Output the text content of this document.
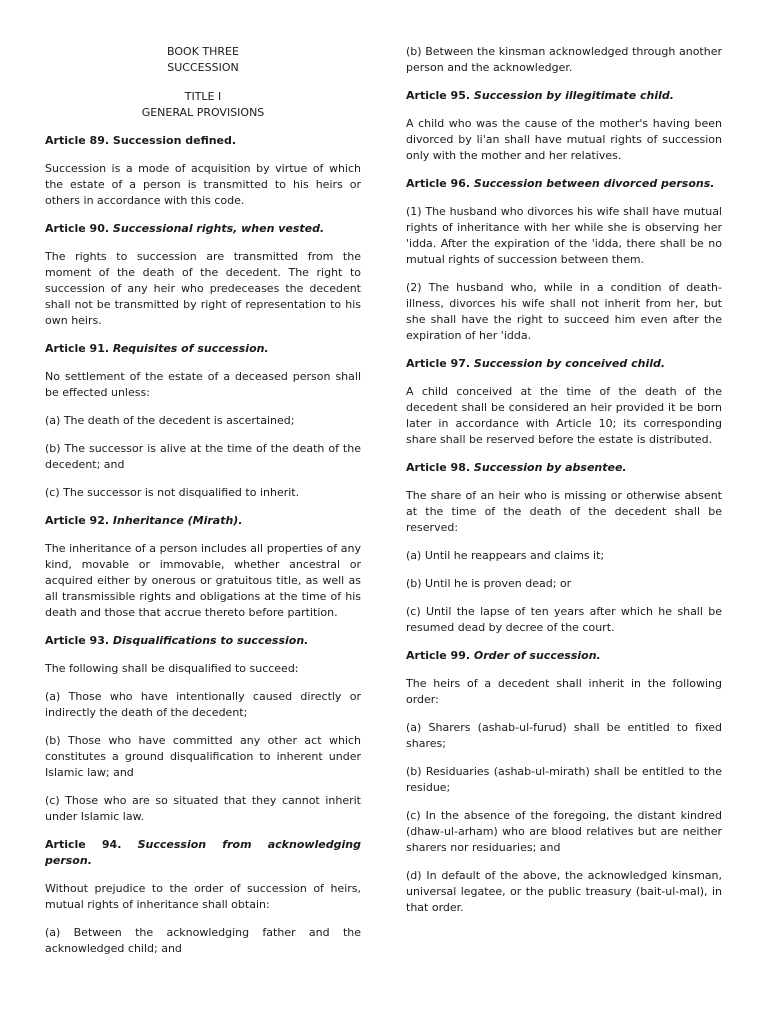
BOOK THREE
SUCCESSION
TITLE I
GENERAL PROVISIONS
Article 89. Succession defined.

Succession is a mode of acquisition by virtue of which the estate of a person is transmitted to his heirs or others in accordance with this code.

Article 90. Successional rights, when vested.

The rights to succession are transmitted from the moment of the death of the decedent. The right to succession of any heir who predeceases the decedent shall not be transmitted by right of representation to his own heirs.

Article 91. Requisites of succession.

No settlement of the estate of a deceased person shall be effected unless:

(a) The death of the decedent is ascertained;

(b) The successor is alive at the time of the death of the decedent; and

(c) The successor is not disqualified to inherit.

Article 92. Inheritance (Mirath).

The inheritance of a person includes all properties of any kind, movable or immovable, whether ancestral or acquired either by onerous or gratuitous title, as well as all transmissible rights and obligations at the time of his death and those that accrue thereto before partition.

Article 93. Disqualifications to succession.

The following shall be disqualified to succeed:

(a) Those who have intentionally caused directly or indirectly the death of the decedent;

(b) Those who have committed any other act which constitutes a ground disqualification to inherent under Islamic law; and

(c) Those who are so situated that they cannot inherit under Islamic law.

Article 94. Succession from acknowledging person.

Without prejudice to the order of succession of heirs, mutual rights of inheritance shall obtain:

(a) Between the acknowledging father and the acknowledged child; and

(b) Between the kinsman acknowledged through another person and the acknowledger.

Article 95. Succession by illegitimate child.

A child who was the cause of the mother's having been divorced by li'an shall have mutual rights of succession only with the mother and her relatives.

Article 96. Succession between divorced persons.

(1) The husband who divorces his wife shall have mutual rights of inheritance with her while she is observing her 'idda. After the expiration of the 'idda, there shall be no mutual rights of succession between them.

(2) The husband who, while in a condition of death-illness, divorces his wife shall not inherit from her, but she shall have the right to succeed him even after the expiration of her 'idda.

Article 97. Succession by conceived child.

A child conceived at the time of the death of the decedent shall be considered an heir provided it be born later in accordance with Article 10; its corresponding share shall be reserved before the estate is distributed.

Article 98. Succession by absentee.

The share of an heir who is missing or otherwise absent at the time of the death of the decedent shall be reserved:

(a) Until he reappears and claims it;

(b) Until he is proven dead; or

(c) Until the lapse of ten years after which he shall be resumed dead by decree of the court.

Article 99. Order of succession.

The heirs of a decedent shall inherit in the following order:

(a) Sharers (ashab-ul-furud) shall be entitled to fixed shares;

(b) Residuaries (ashab-ul-mirath) shall be entitled to the residue;

(c) In the absence of the foregoing, the distant kindred (dhaw-ul-arham) who are blood relatives but are neither sharers nor residuaries; and

(d) In default of the above, the acknowledged kinsman, universal legatee, or the public treasury (bait-ul-mal), in that order.
